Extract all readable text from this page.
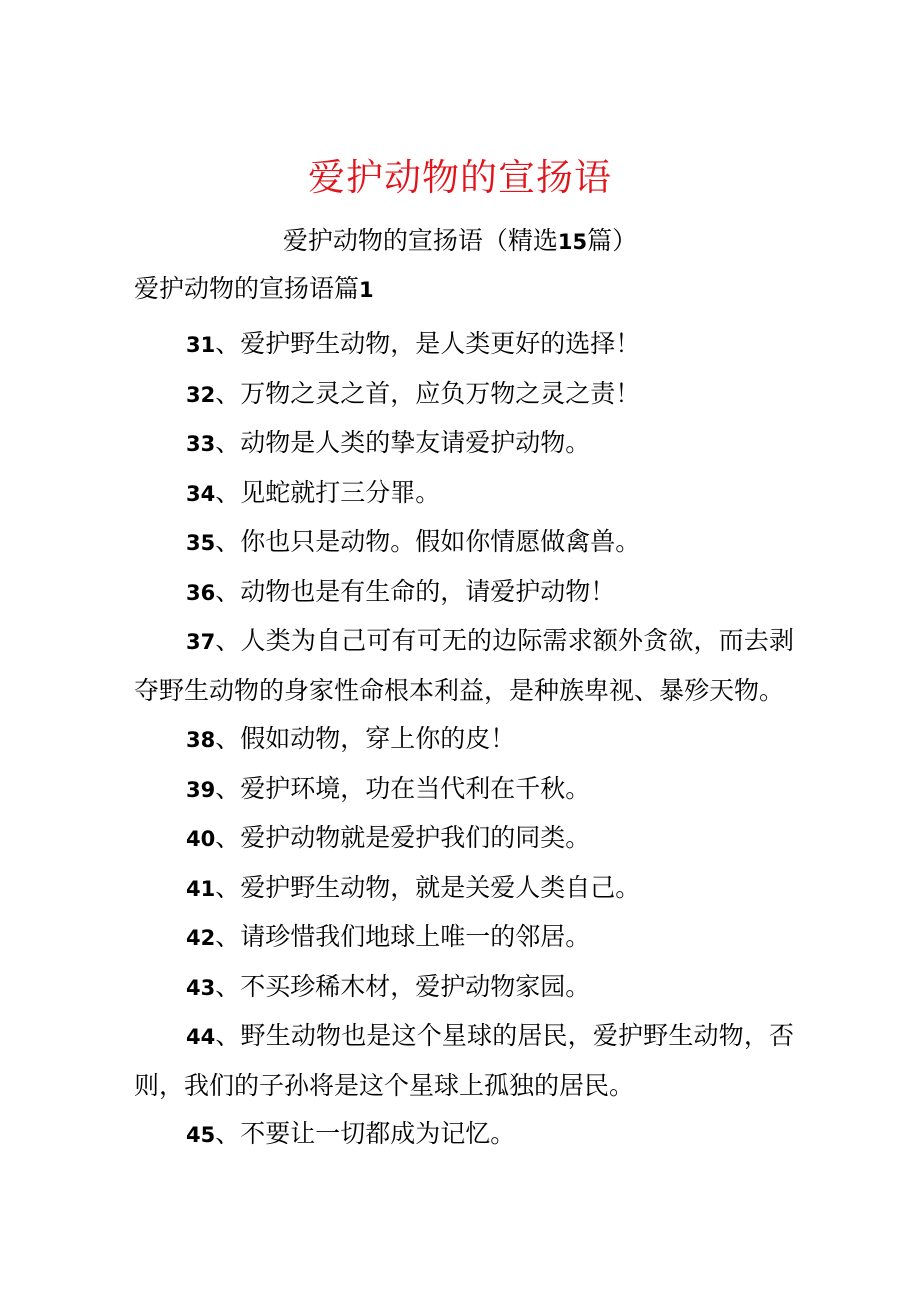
爱护动物的宣扬语
爱护动物的宣扬语（精选15篇）
爱护动物的宣扬语篇1

31、爱护野生动物，是人类更好的选择！

32、万物之灵之首，应负万物之灵之责！

33、动物是人类的挚友请爱护动物。

34、见蛇就打三分罪。

35、你也只是动物。假如你情愿做禽兽。

36、动物也是有生命的，请爱护动物！

37、人类为自己可有可无的边际需求额外贪欲，而去剥夺野生动物的身家性命根本利益，是种族卑视、暴殄天物。

38、假如动物，穿上你的皮！

39、爱护环境，功在当代利在千秋。

40、爱护动物就是爱护我们的同类。

41、爱护野生动物，就是关爱人类自己。

42、请珍惜我们地球上唯一的邻居。

43、不买珍稀木材，爱护动物家园。

44、野生动物也是这个星球的居民，爱护野生动物，否则，我们的子孙将是这个星球上孤独的居民。

45、不要让一切都成为记忆。
